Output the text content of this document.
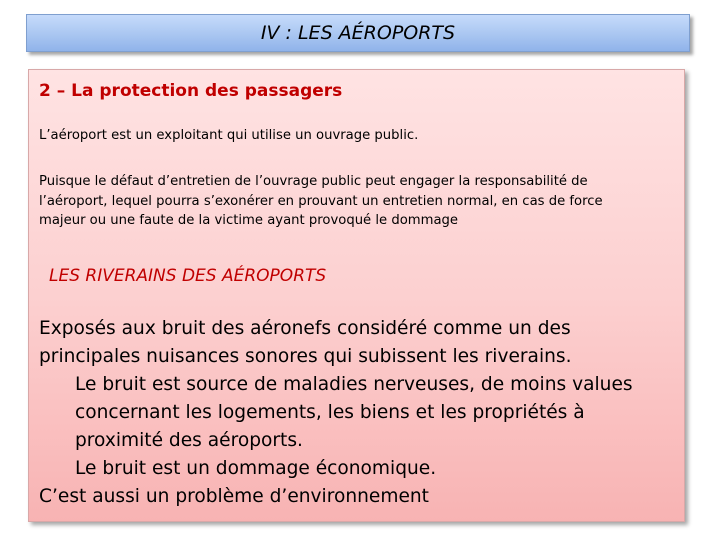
IV : LES AÉROPORTS
2 – La protection des passagers
L’aéroport est un exploitant qui utilise un ouvrage public.
Puisque le défaut d’entretien de l’ouvrage public peut engager la responsabilité de
l’aéroport, lequel pourra s’exonérer en prouvant un entretien normal, en cas de force
majeur ou une faute de la victime ayant provoqué le dommage
LES RIVERAINS DES AÉROPORTS
Exposés aux bruit des aéronefs considéré comme un des
principales nuisances sonores qui subissent les riverains.
Le bruit est source de maladies nerveuses, de moins values
concernant les logements, les biens et les propriétés à
proximité des aéroports.
Le bruit est un dommage économique.
C’est aussi un problème d’environnement
